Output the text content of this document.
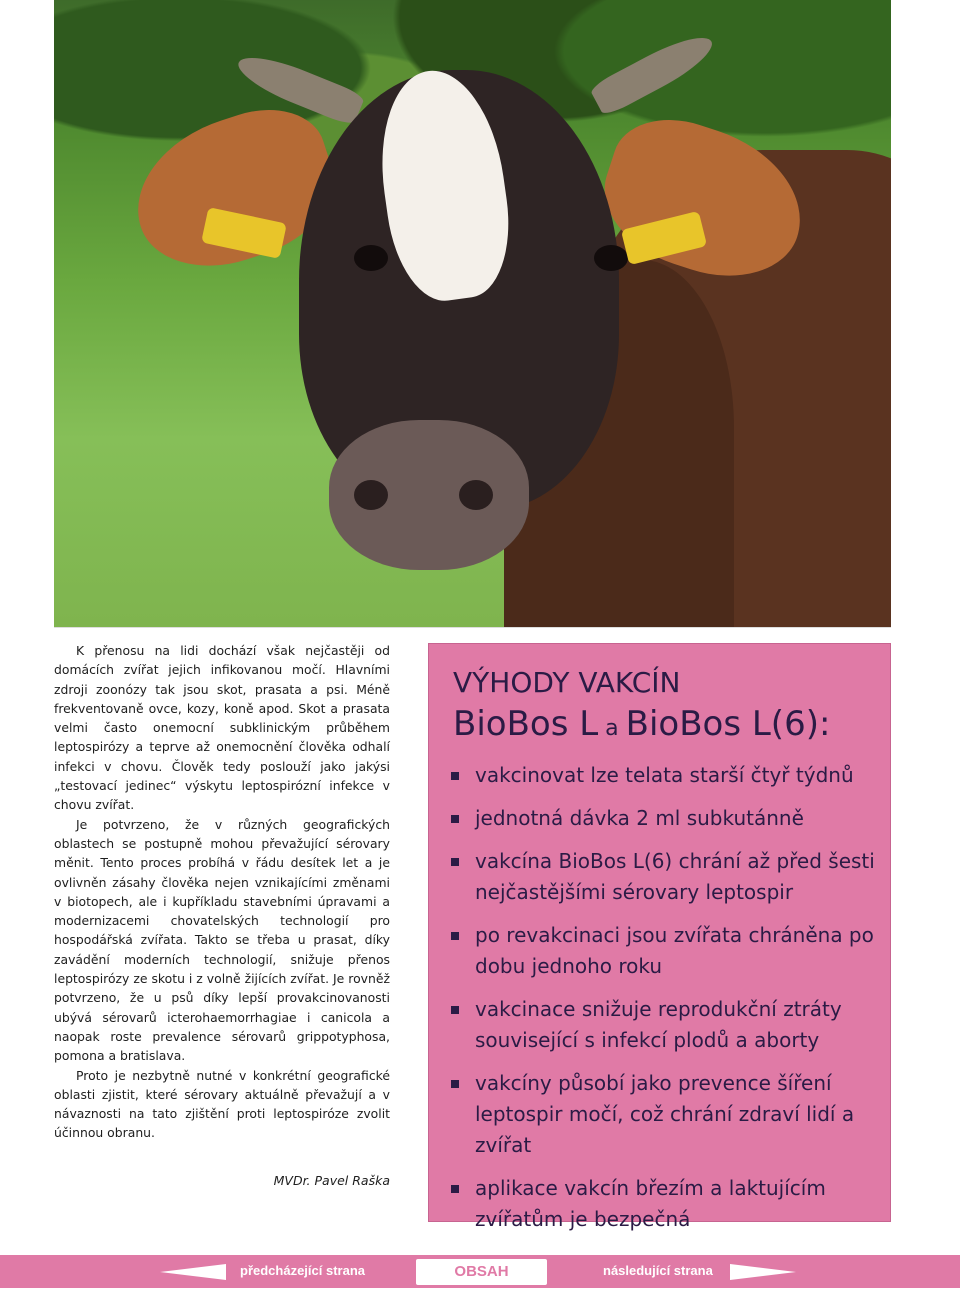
K přenosu na lidi dochází však nejčastěji od domácích zvířat jejich infikovanou močí. Hlavními zdroji zoonózy tak jsou skot, prasata a psi. Méně frekventovaně ovce, kozy, koně apod. Skot a prasata velmi často onemocní subklinickým průběhem leptospirózy a teprve až onemocnění člověka odhalí infekci v chovu. Člověk tedy poslouží jako jakýsi „testovací jedinec“ výskytu leptospirózní infekce v chovu zvířat.

Je potvrzeno, že v různých geografických oblastech se postupně mohou převažující sérovary měnit. Tento proces probíhá v řádu desítek let a je ovlivněn zásahy člověka nejen vznikajícími změnami v biotopech, ale i kupříkladu stavebními úpravami a modernizacemi chovatelských technologií pro hospodářská zvířata. Takto se třeba u prasat, díky zavádění moderních technologií, snižuje přenos leptospirózy ze skotu i z volně žijících zvířat. Je rovněž potvrzeno, že u psů díky lepší provakcinovanosti ubývá sérovarů icterohaemorrhagiae i canicola a naopak roste prevalence sérovarů grippotyphosa, pomona a bratislava.

Proto je nezbytně nutné v konkrétní geografické oblasti zjistit, které sérovary aktuálně převažují a v návaznosti na tato zjištění proti leptospiróze zvolit účinnou obranu.

MVDr. Pavel Raška
VÝHODY VAKCÍN
BioBos L a BioBos L(6):
vakcinovat lze telata starší čtyř týdnů
jednotná dávka 2 ml subkutánně
vakcína BioBos L(6) chrání až před šesti nejčastějšími sérovary leptospir
po revakcinaci jsou zvířata chráněna po dobu jednoho roku
vakcinace snižuje reprodukční ztráty související s infekcí plodů a aborty
vakcíny působí jako prevence šíření leptospir močí, což chrání zdraví lidí a zvířat
aplikace vakcín březím a laktujícím zvířatům je bezpečná
předcházející strana	OBSAH	následující strana
